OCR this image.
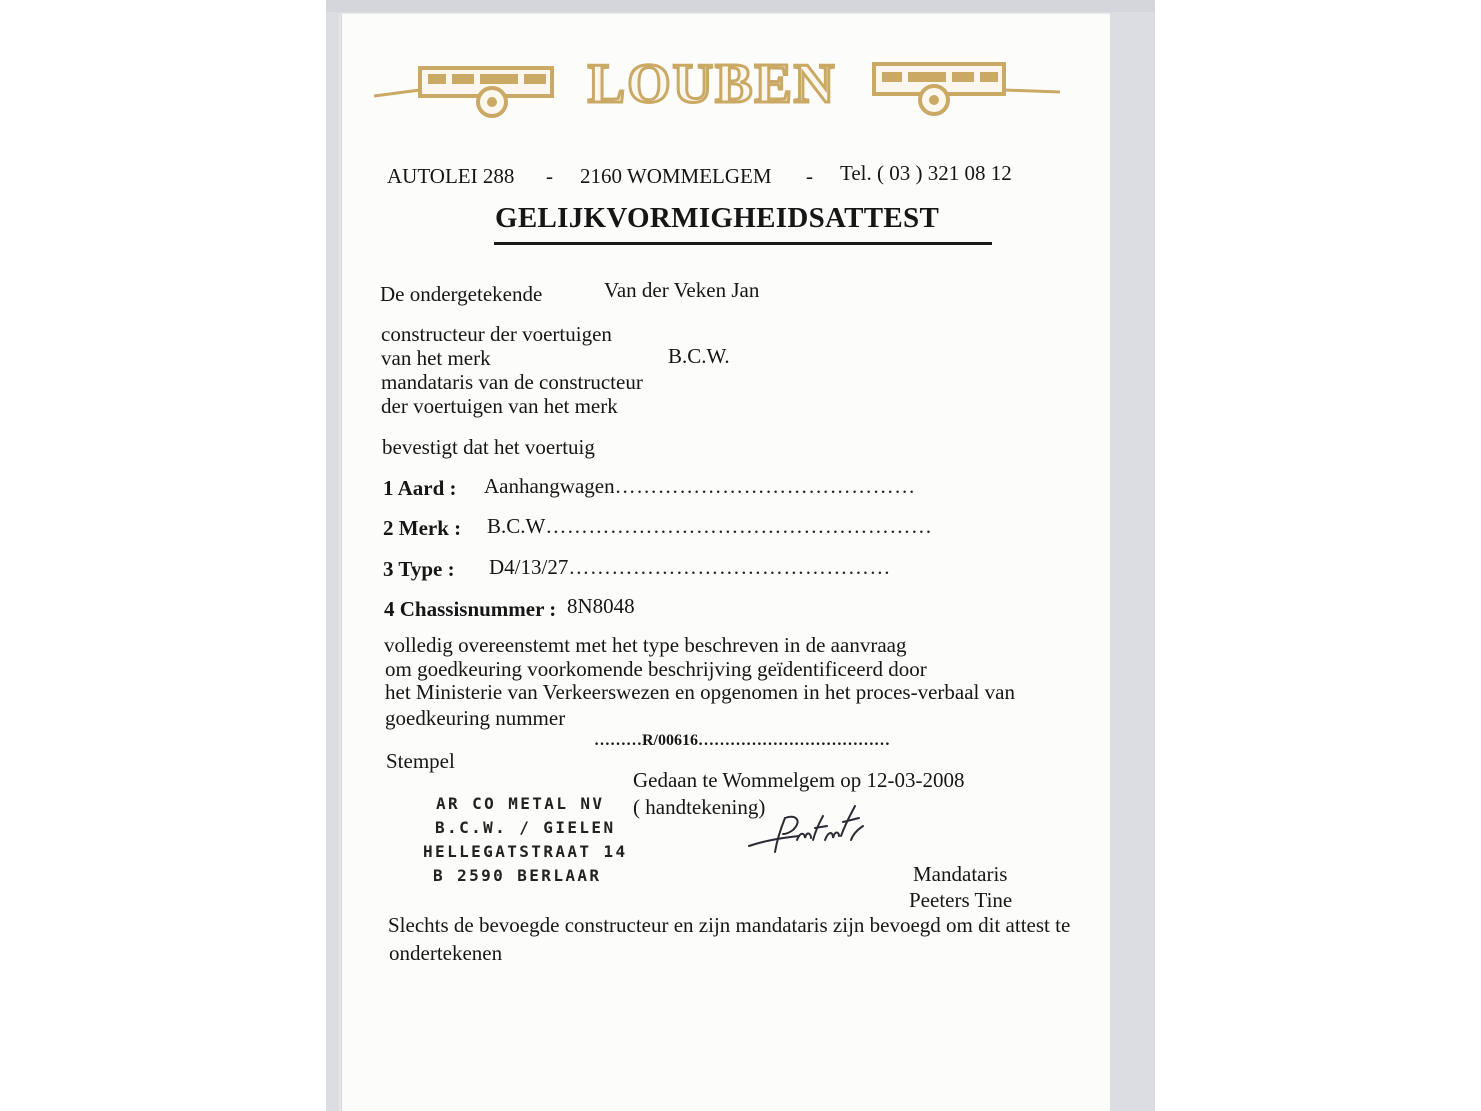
LOUBEN
AUTOLEI 288 - 2160 WOMMELGEM - Tel. ( 03 ) 321 08 12
GELIJKVORMIGHEIDSATTEST
De ondergetekende	Van der Veken Jan
constructeur der voertuigen
van het merk
mandataris van de constructeur
der voertuigen van het merk
B.C.W.
bevestigt dat het voertuig
1 Aard : Aanhangwagen……………………………………
2 Merk : B.C.W………………………………………………
3 Type : D4/13/27………………………………………
4 Chassisnummer : 8N8048
volledig overeenstemt met het type beschreven in de aanvraag
om goedkeuring voorkomende beschrijving geïdentificeerd door
het Ministerie van Verkeerswezen en opgenomen in het proces-verbaal van
goedkeuring nummer
………R/00616………………………………
Stempel
AR CO METAL NV
B.C.W. / GIELEN
HELLEGATSTRAAT 14
B 2590 BERLAAR
Gedaan te Wommelgem op 12-03-2008
( handtekening)
Mandataris
Peeters Tine
Slechts de bevoegde constructeur en zijn mandataris zijn bevoegd om dit attest te
ondertekenen
